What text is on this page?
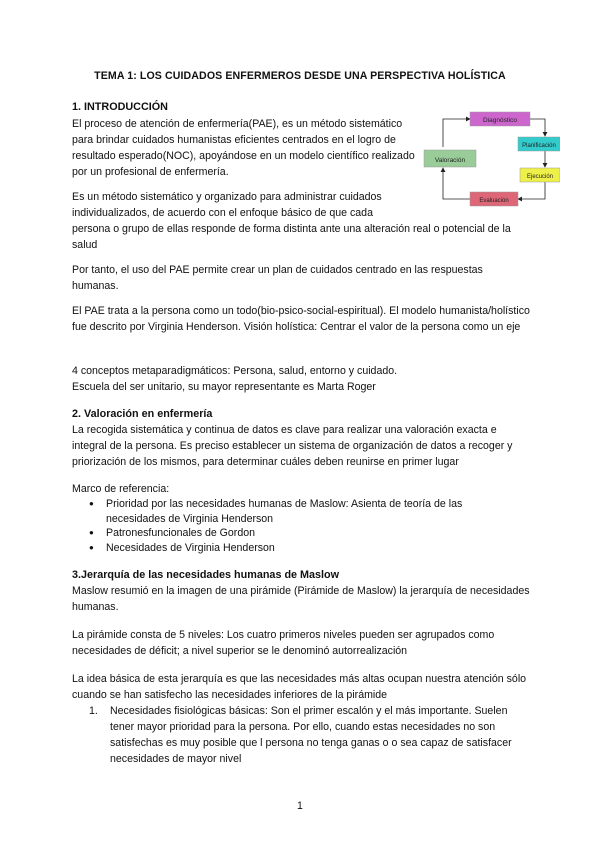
TEMA 1: LOS CUIDADOS ENFERMEROS DESDE UNA PERSPECTIVA HOLÍSTICA
1. INTRODUCCIÓN

El proceso de atención de enfermería(PAE), es un método sistemático para brindar cuidados humanistas eficientes centrados en el logro de resultado esperado(NOC), apoyándose en un modelo científico realizado por un profesional de enfermería.

Es un método sistemático y organizado para administrar cuidados individualizados, de acuerdo con el enfoque básico de que cada

persona o grupo de ellas responde de forma distinta ante una alteración real o potencial de la salud

Por tanto, el uso del PAE permite crear un plan de cuidados centrado en las respuestas humanas.

El PAE trata a la persona como un todo(bio-psico-social-espiritual). El modelo humanista/holístico fue descrito por Virginia Henderson. Visión holística: Centrar el valor de la persona como un eje

4 conceptos metaparadigmáticos: Persona, salud, entorno y cuidado.

Escuela del ser unitario, su mayor representante es Marta Roger

Diagnóstico
Planificación
Ejecución
Evaluación
Valoración
2. Valoración en enfermería

La recogida sistemática y continua de datos es clave para realizar una valoración exacta e integral de la persona. Es preciso establecer un sistema de organización de datos a recoger y priorización de los mismos, para determinar cuáles deben reunirse en primer lugar

Marco de referencia:

● Prioridad por las necesidades humanas de Maslow: Asienta de teoría de las necesidades de Virginia Henderson
● Patronesfuncionales de Gordon
● Necesidades de Virginia Henderson
3.Jerarquía de las necesidades humanas de Maslow

Maslow resumió en la imagen de una pirámide (Pirámide de Maslow) la jerarquía de necesidades humanas.

La pirámide consta de 5 niveles: Los cuatro primeros niveles pueden ser agrupados como necesidades de déficit; a nivel superior se le denominó autorrealización

La idea básica de esta jerarquía es que las necesidades más altas ocupan nuestra atención sólo cuando se han satisfecho las necesidades inferiores de la pirámide

1. Necesidades fisiológicas básicas: Son el primer escalón y el más importante. Suelen tener mayor prioridad para la persona. Por ello, cuando estas necesidades no son satisfechas es muy posible que l persona no tenga ganas o o sea capaz de satisfacer necesidades de mayor nivel
1
